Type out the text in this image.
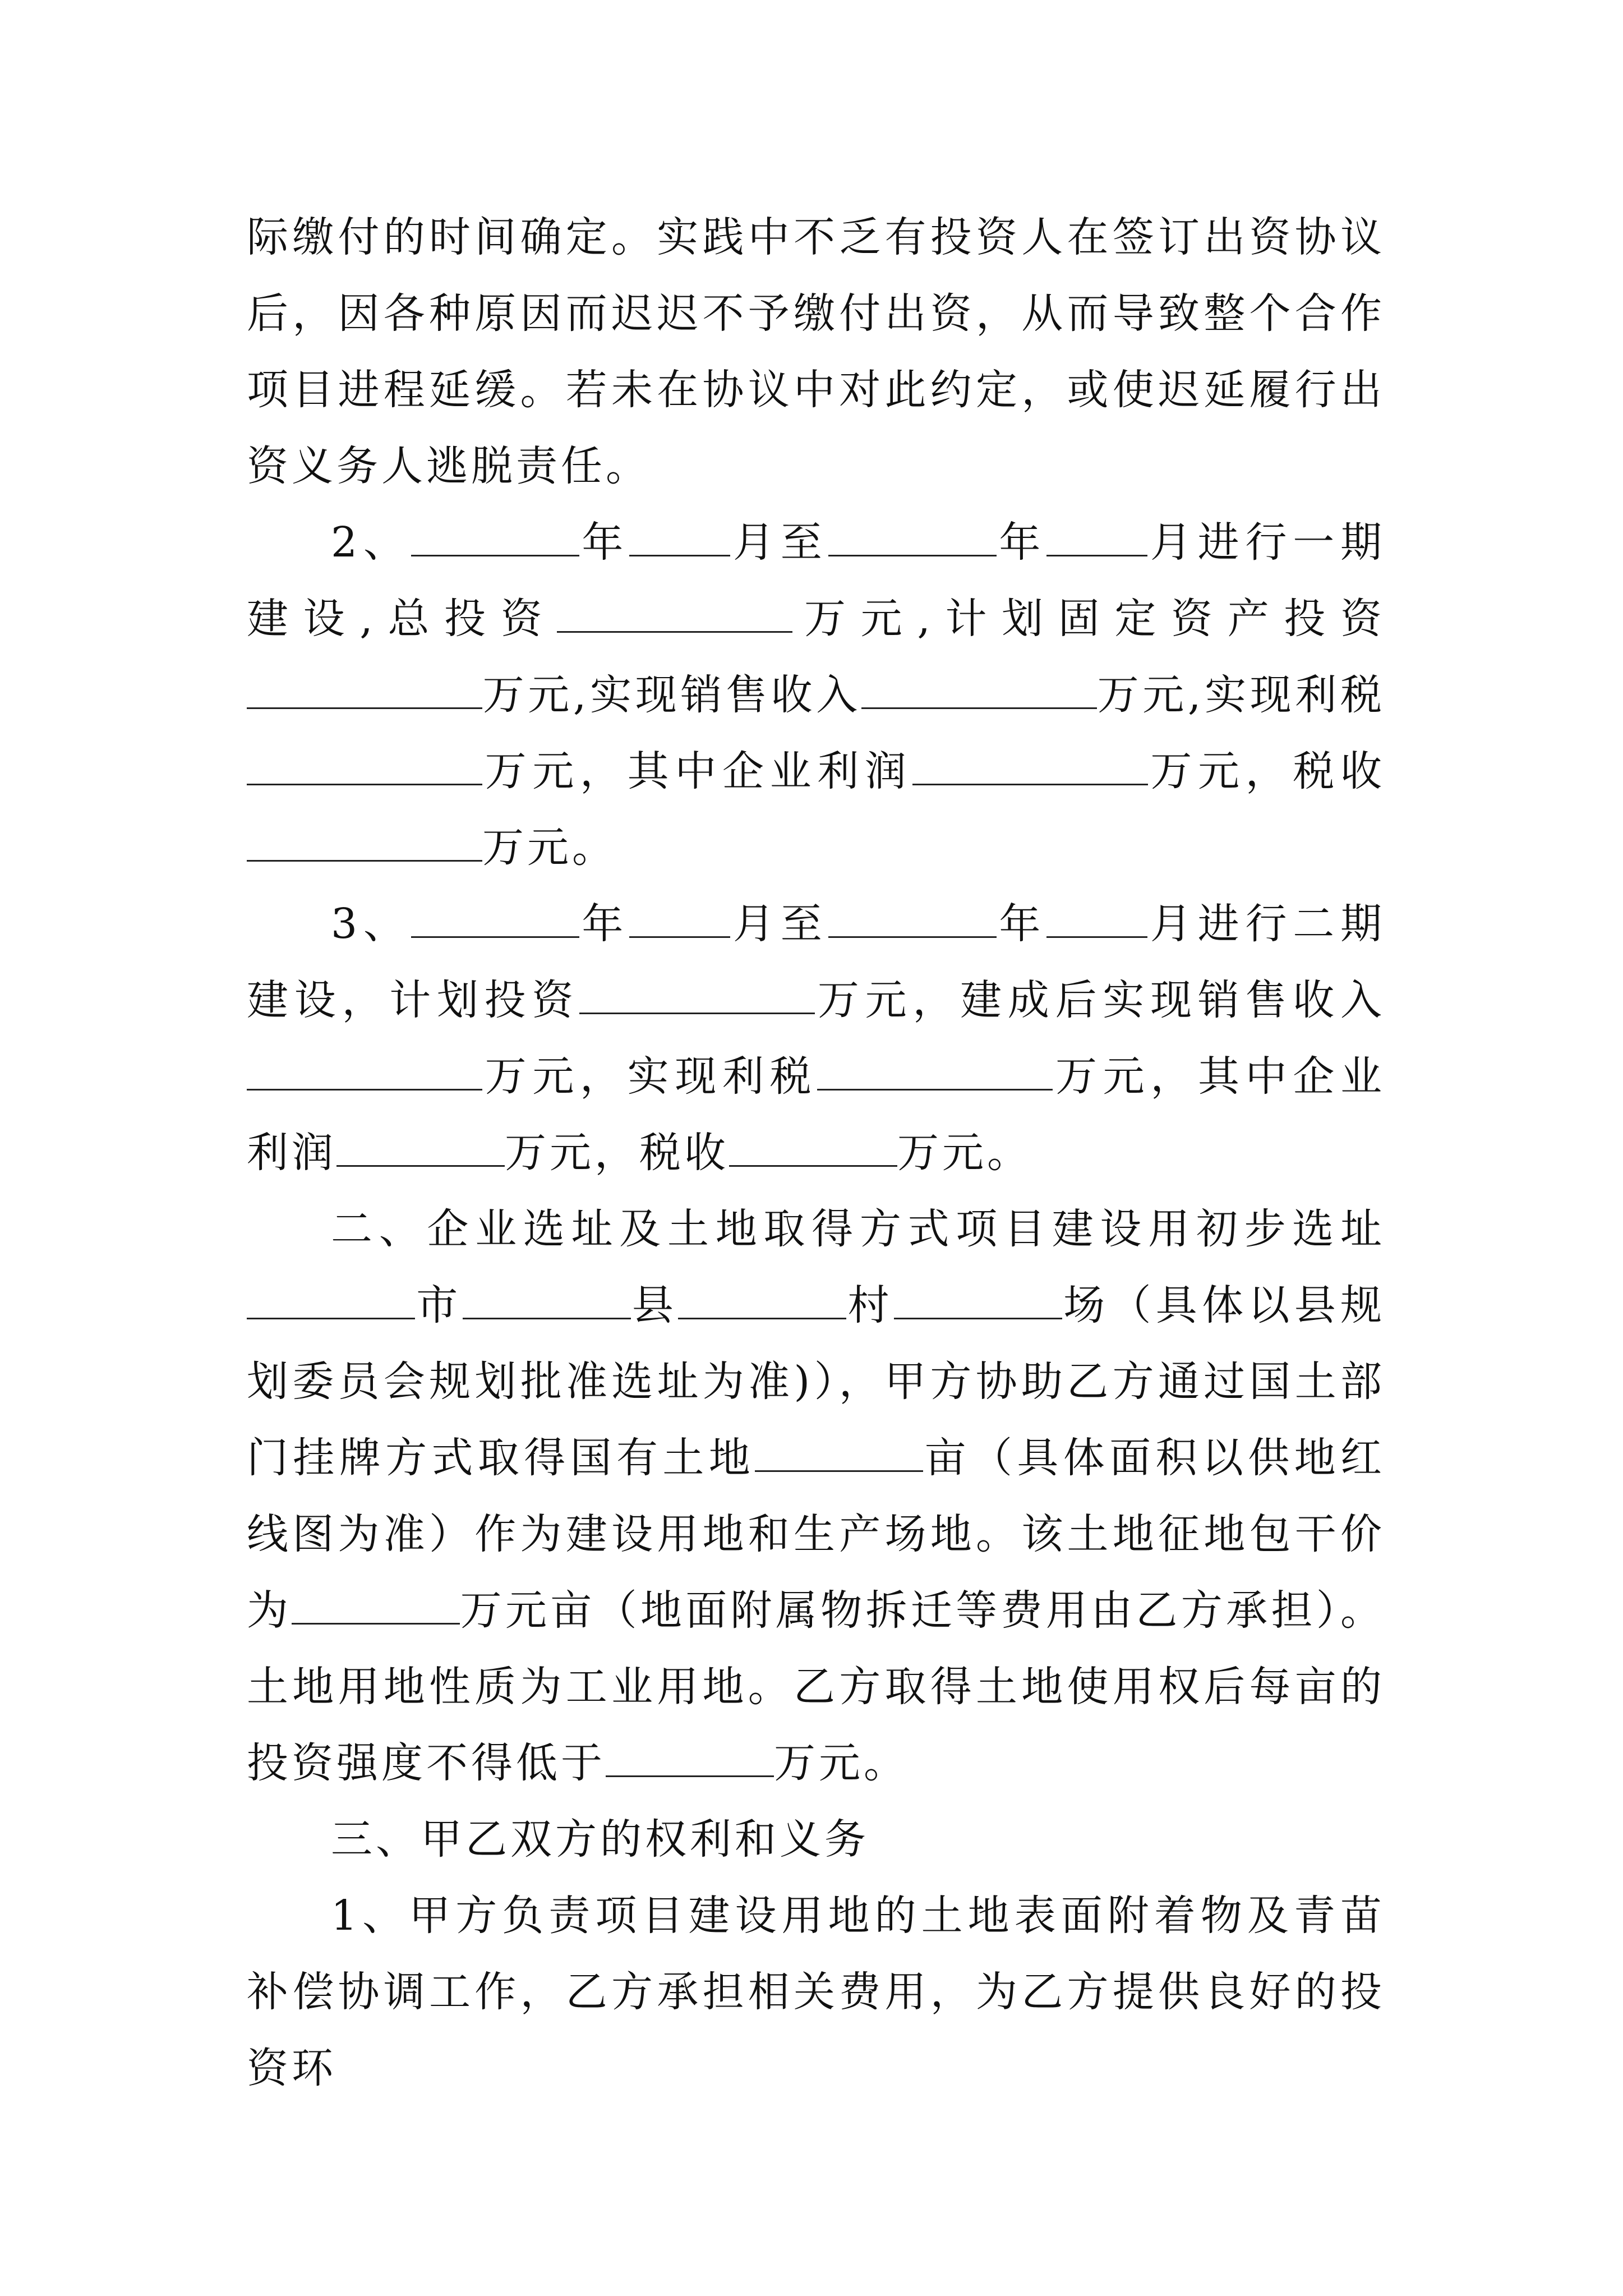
际缴付的时间确定。实践中不乏有投资人在签订出资协议后，因各种原因而迟迟不予缴付出资，从而导致整个合作项目进程延缓。若未在协议中对此约定，或使迟延履行出资义务人逃脱责任。

2、	年 月至	年 月进行一期建设,总投资	万元,计划固定资产投资万元,实现销售收入	万元,实现利税万元，其中企业利润	万元，税收万元。

3、	年 月至	年 月进行二期建设，计划投资	万元，建成后实现销售收入万元，实现利税	万元，其中企业利润	万元，税收	万元。

二、企业选址及土地取得方式项目建设用初步选址市	县	村	场（具体以县规划委员会规划批准选址为准)），甲方协助乙方通过国土部门挂牌方式取得国有土地	亩（具体面积以供地红线图为准）作为建设用地和生产场地。该土地征地包干价为	万元亩（地面附属物拆迁等费用由乙方承担）。土地用地性质为工业用地。乙方取得土地使用权后每亩的投资强度不得低于	万元。

三、甲乙双方的权利和义务

1、甲方负责项目建设用地的土地表面附着物及青苗补偿协调工作，乙方承担相关费用，为乙方提供良好的投资环
